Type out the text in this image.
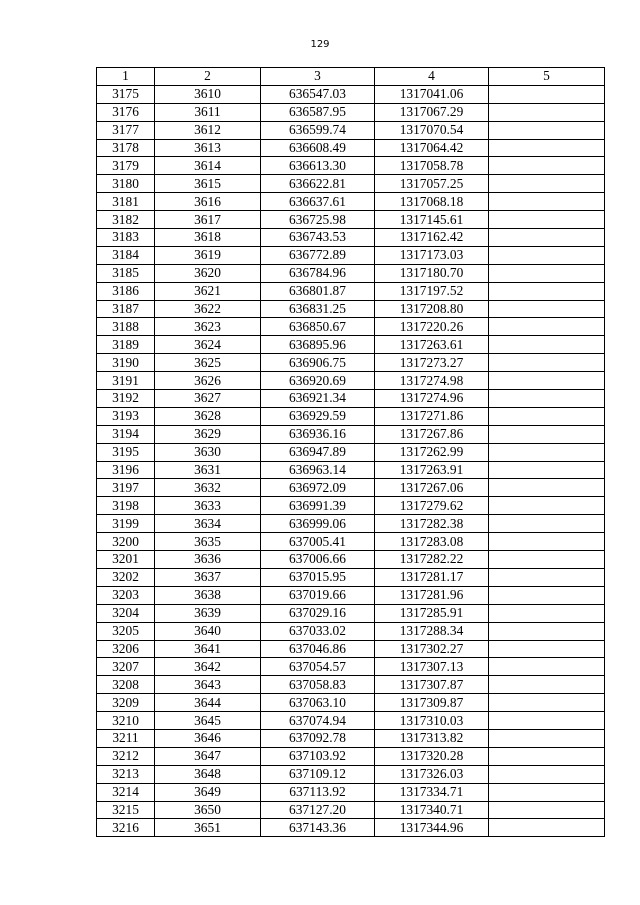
129
1	2	3	4	5
3175	3610	636547.03	1317041.06	
3176	3611	636587.95	1317067.29	
3177	3612	636599.74	1317070.54	
3178	3613	636608.49	1317064.42	
3179	3614	636613.30	1317058.78	
3180	3615	636622.81	1317057.25	
3181	3616	636637.61	1317068.18	
3182	3617	636725.98	1317145.61	
3183	3618	636743.53	1317162.42	
3184	3619	636772.89	1317173.03	
3185	3620	636784.96	1317180.70	
3186	3621	636801.87	1317197.52	
3187	3622	636831.25	1317208.80	
3188	3623	636850.67	1317220.26	
3189	3624	636895.96	1317263.61	
3190	3625	636906.75	1317273.27	
3191	3626	636920.69	1317274.98	
3192	3627	636921.34	1317274.96	
3193	3628	636929.59	1317271.86	
3194	3629	636936.16	1317267.86	
3195	3630	636947.89	1317262.99	
3196	3631	636963.14	1317263.91	
3197	3632	636972.09	1317267.06	
3198	3633	636991.39	1317279.62	
3199	3634	636999.06	1317282.38	
3200	3635	637005.41	1317283.08	
3201	3636	637006.66	1317282.22	
3202	3637	637015.95	1317281.17	
3203	3638	637019.66	1317281.96	
3204	3639	637029.16	1317285.91	
3205	3640	637033.02	1317288.34	
3206	3641	637046.86	1317302.27	
3207	3642	637054.57	1317307.13	
3208	3643	637058.83	1317307.87	
3209	3644	637063.10	1317309.87	
3210	3645	637074.94	1317310.03	
3211	3646	637092.78	1317313.82	
3212	3647	637103.92	1317320.28	
3213	3648	637109.12	1317326.03	
3214	3649	637113.92	1317334.71	
3215	3650	637127.20	1317340.71	
3216	3651	637143.36	1317344.96	
